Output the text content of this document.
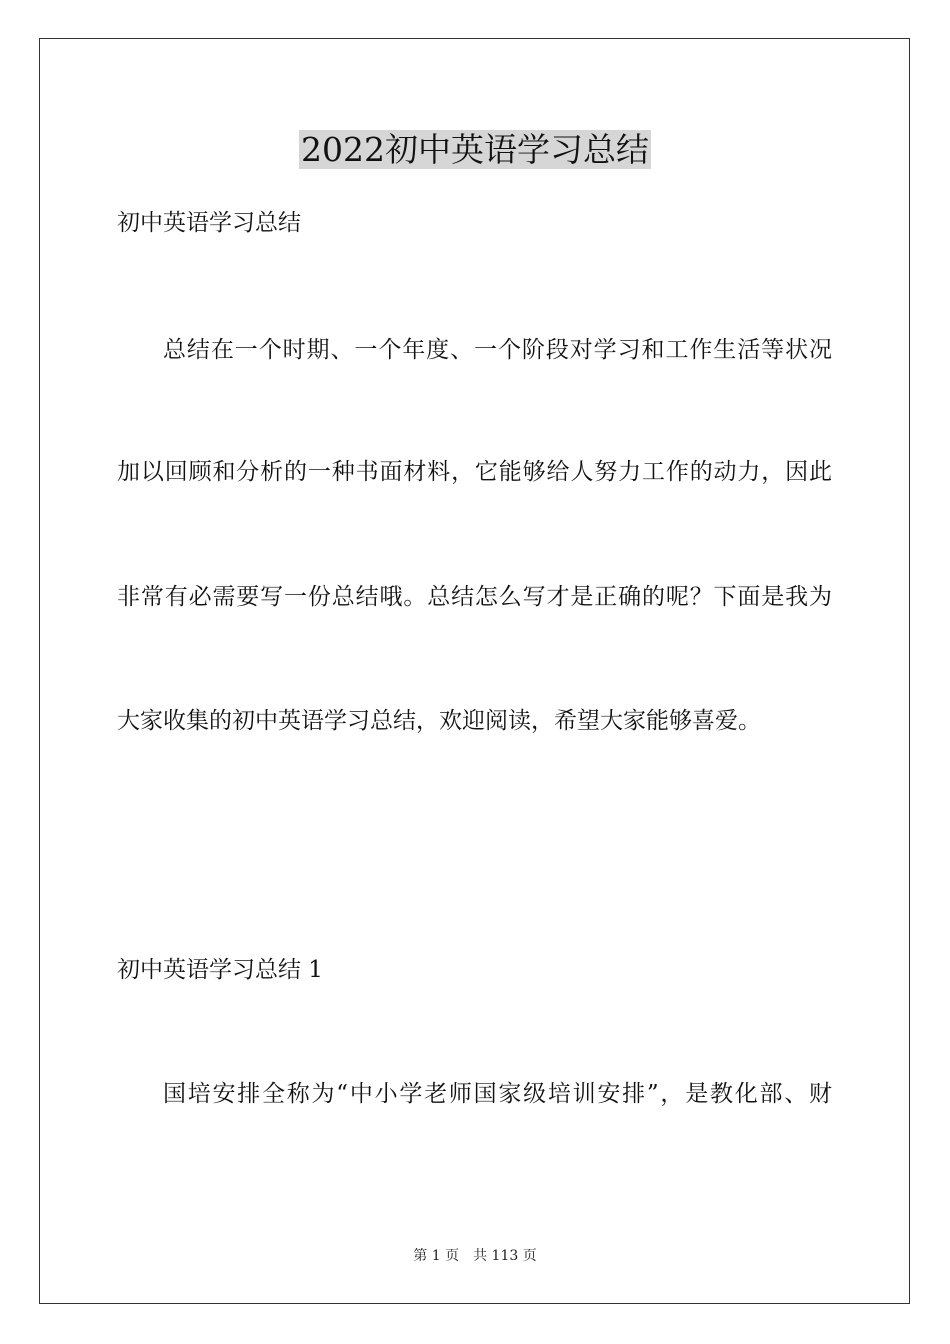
2022初中英语学习总结

初中英语学习总结

总结在一个时期、一个年度、一个阶段对学习和工作生活等状况

加以回顾和分析的一种书面材料，它能够给人努力工作的动力，因此

非常有必需要写一份总结哦。总结怎么写才是正确的呢？下面是我为

大家收集的初中英语学习总结，欢迎阅读，希望大家能够喜爱。

初中英语学习总结 1

国培安排全称为“中小学老师国家级培训安排”，是教化部、财

第 1 页　共 113 页
